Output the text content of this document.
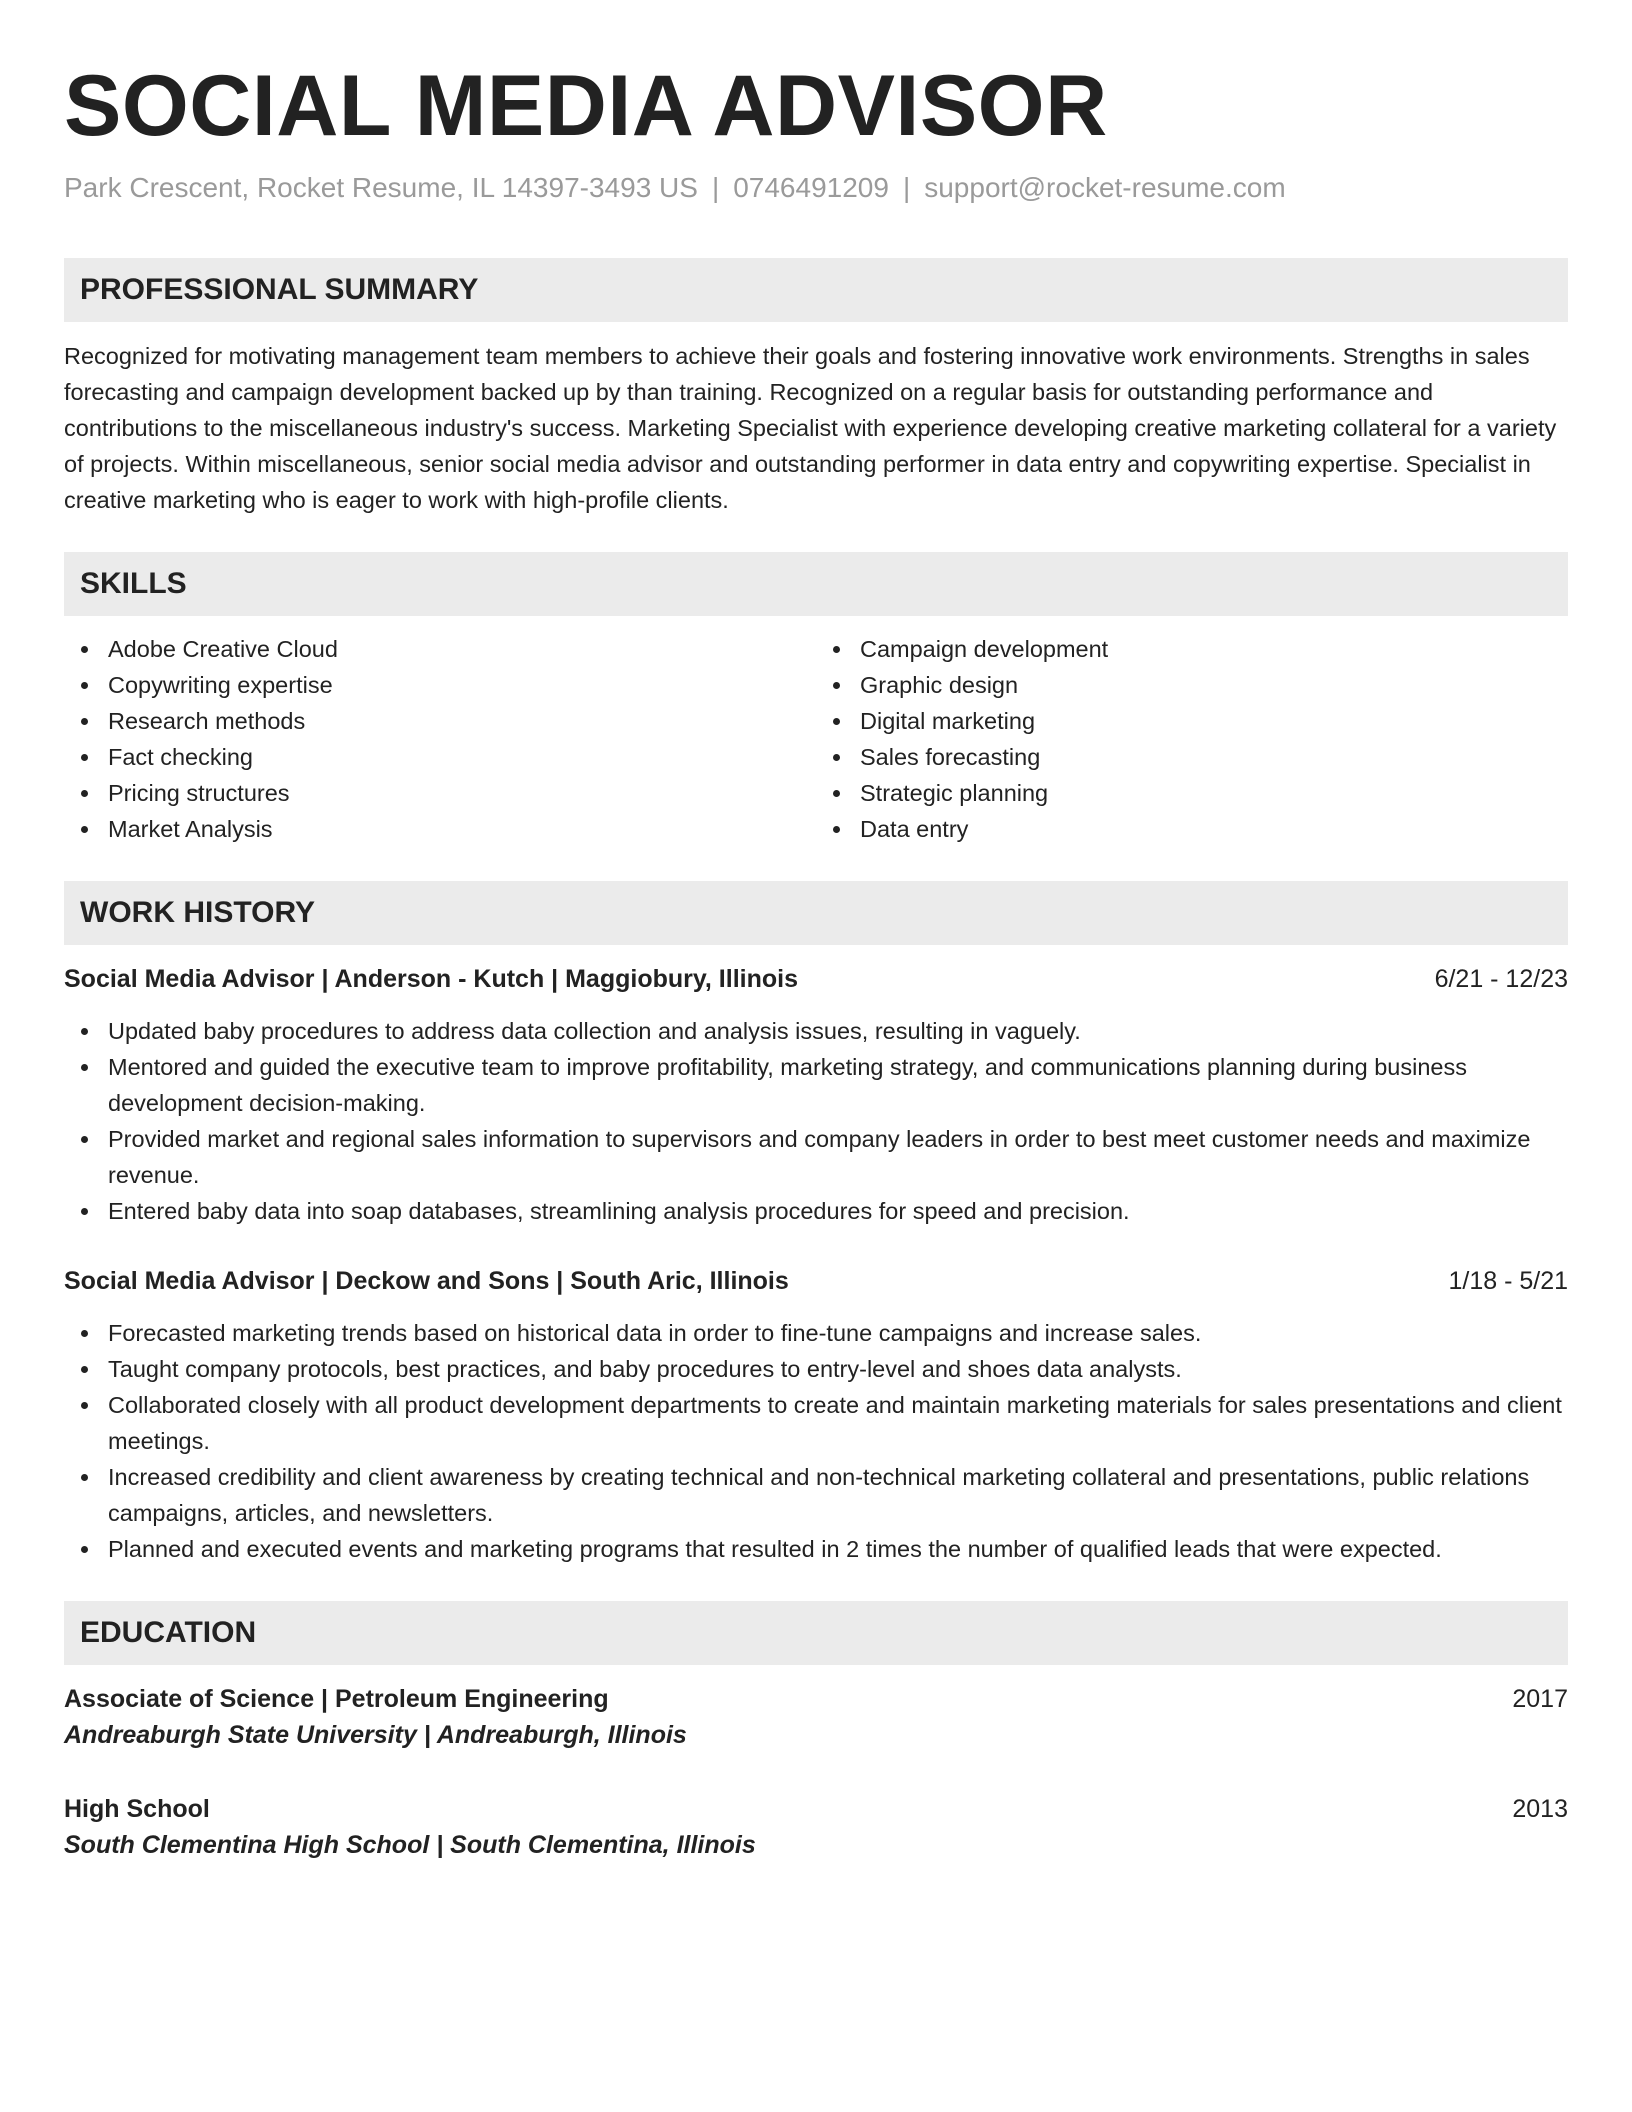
SOCIAL MEDIA ADVISOR
Park Crescent, Rocket Resume, IL 14397-3493 US | 0746491209 | support@rocket-resume.com
PROFESSIONAL SUMMARY

Recognized for motivating management team members to achieve their goals and fostering innovative work environments. Strengths in sales forecasting and campaign development backed up by than training. Recognized on a regular basis for outstanding performance and contributions to the miscellaneous industry's success. Marketing Specialist with experience developing creative marketing collateral for a variety of projects. Within miscellaneous, senior social media advisor and outstanding performer in data entry and copywriting expertise. Specialist in creative marketing who is eager to work with high-profile clients.

SKILLS
Adobe Creative Cloud
Copywriting expertise
Research methods
Fact checking
Pricing structures
Market Analysis
Campaign development
Graphic design
Digital marketing
Sales forecasting
Strategic planning
Data entry
WORK HISTORY
Social Media Advisor | Anderson - Kutch | Maggiobury, Illinois	6/21 - 12/23
Updated baby procedures to address data collection and analysis issues, resulting in vaguely.
Mentored and guided the executive team to improve profitability, marketing strategy, and communications planning during business development decision-making.
Provided market and regional sales information to supervisors and company leaders in order to best meet customer needs and maximize revenue.
Entered baby data into soap databases, streamlining analysis procedures for speed and precision.
Social Media Advisor | Deckow and Sons | South Aric, Illinois	1/18 - 5/21
Forecasted marketing trends based on historical data in order to fine-tune campaigns and increase sales.
Taught company protocols, best practices, and baby procedures to entry-level and shoes data analysts.
Collaborated closely with all product development departments to create and maintain marketing materials for sales presentations and client meetings.
Increased credibility and client awareness by creating technical and non-technical marketing collateral and presentations, public relations campaigns, articles, and newsletters.
Planned and executed events and marketing programs that resulted in 2 times the number of qualified leads that were expected.
EDUCATION
Associate of Science | Petroleum Engineering	2017
Andreaburgh State University | Andreaburgh, Illinois
High School	2013
South Clementina High School | South Clementina, Illinois
